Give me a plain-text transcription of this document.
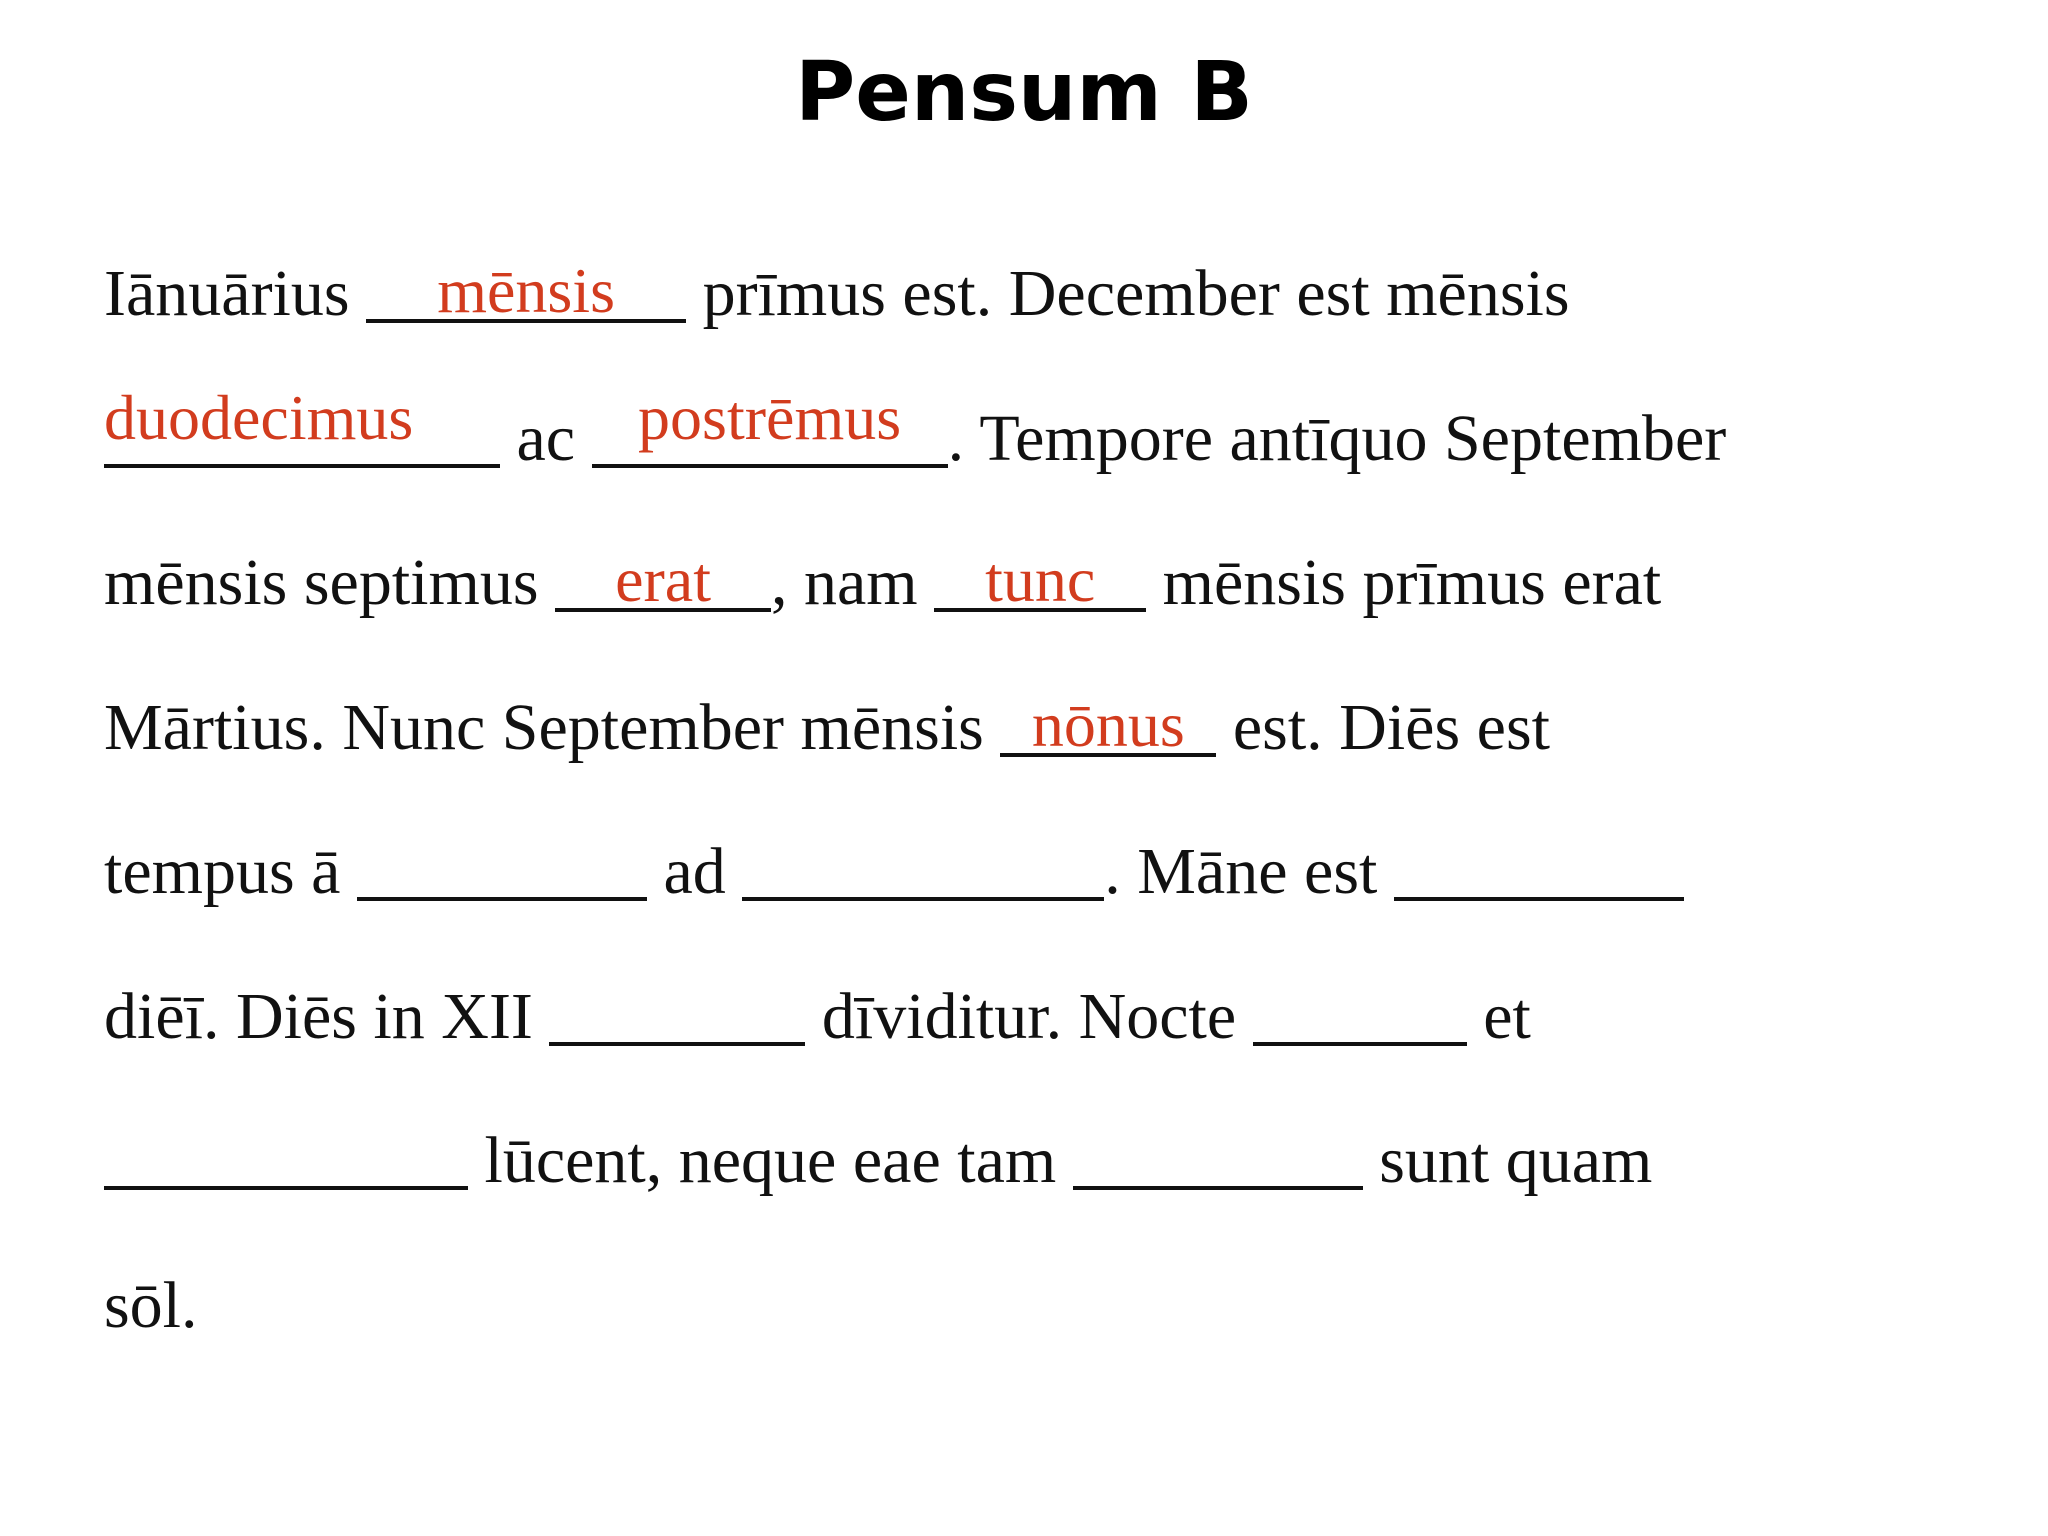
Pensum B
Iānuārius	mēnsis	prīmus est. December est mēnsis
duodecimus	ac postrēmus . Tempore antīquo September
mēnsis septimus erat , nam tunc mēnsis prīmus erat
Mārtius. Nunc September mēnsis nōnus est. Diēs est
tempus ā	ad	. Māne est
diēī. Diēs in XII	dīviditur. Nocte	et
lūcent, neque eae tam	sunt quam
sōl.
